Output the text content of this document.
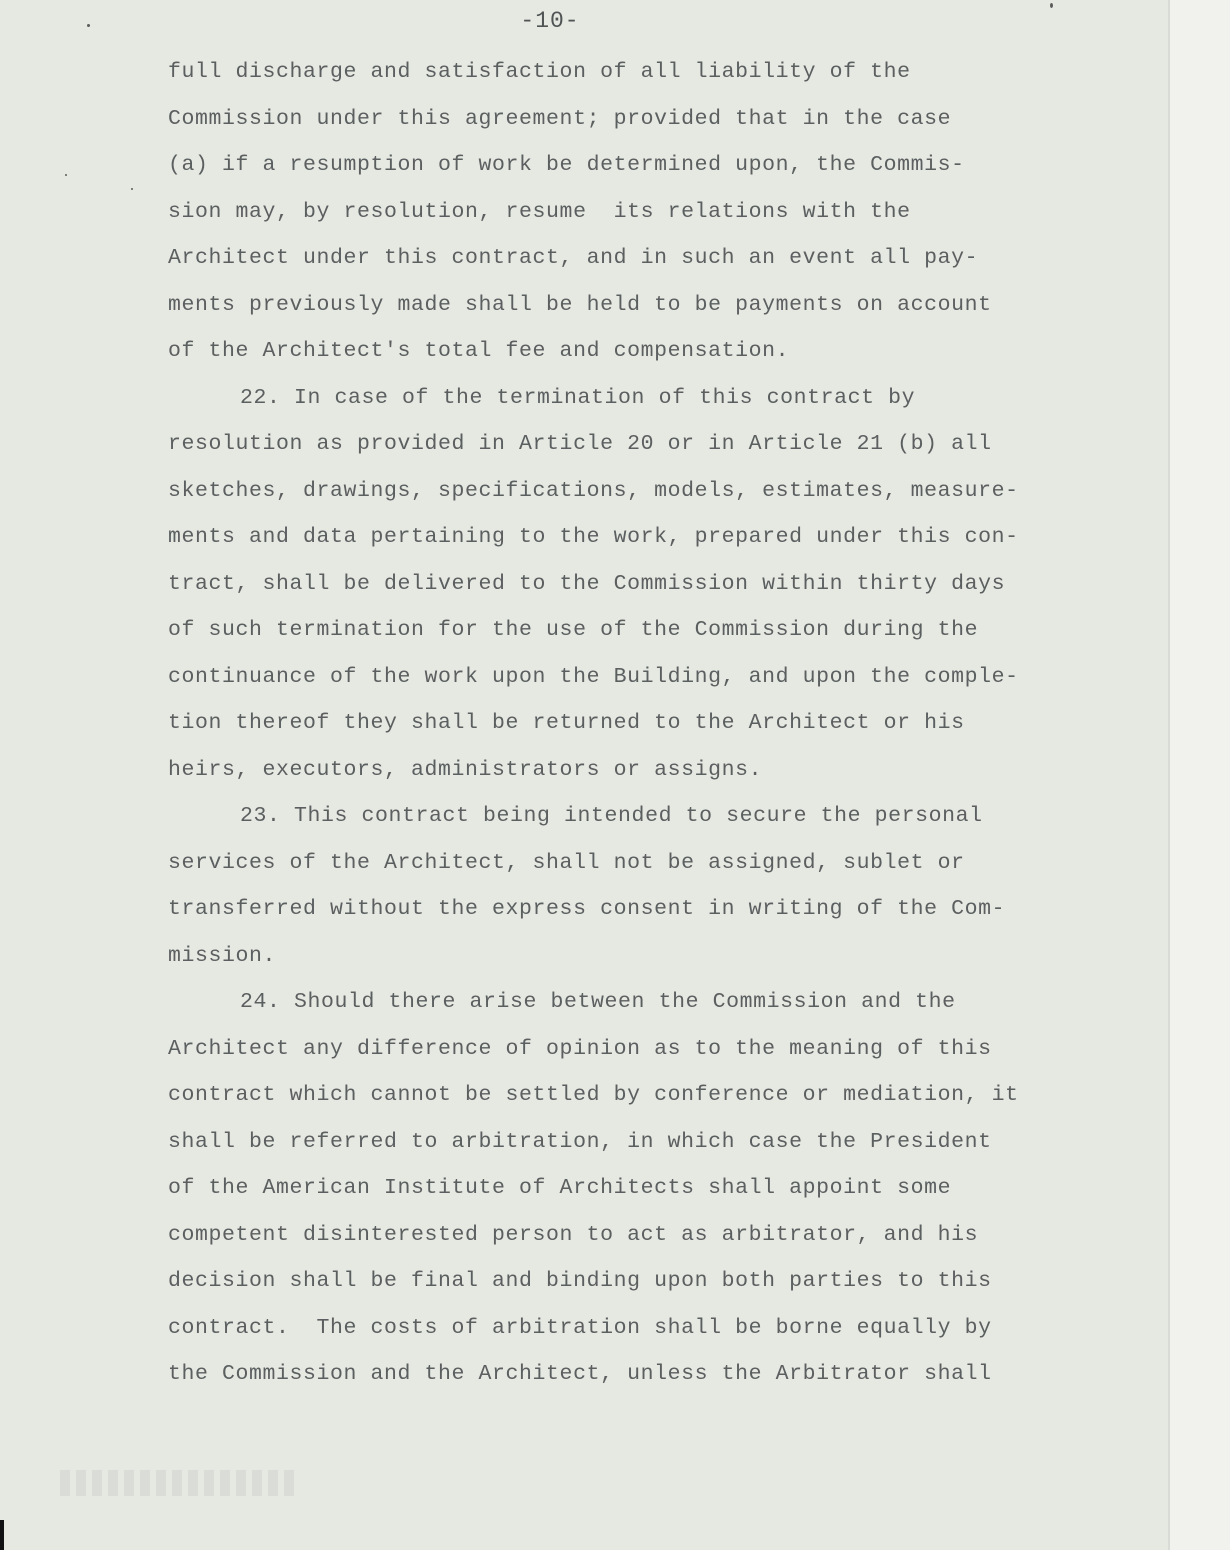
-10-
full discharge and satisfaction of all liability of the
Commission under this agreement; provided that in the case
(a) if a resumption of work be determined upon, the Commis-
sion may, by resolution, resume  its relations with the
Architect under this contract, and in such an event all pay-
ments previously made shall be held to be payments on account
of the Architect's total fee and compensation.
22. In case of the termination of this contract by
resolution as provided in Article 20 or in Article 21 (b) all
sketches, drawings, specifications, models, estimates, measure-
ments and data pertaining to the work, prepared under this con-
tract, shall be delivered to the Commission within thirty days
of such termination for the use of the Commission during the
continuance of the work upon the Building, and upon the comple-
tion thereof they shall be returned to the Architect or his
heirs, executors, administrators or assigns.
23. This contract being intended to secure the personal
services of the Architect, shall not be assigned, sublet or
transferred without the express consent in writing of the Com-
mission.
24. Should there arise between the Commission and the
Architect any difference of opinion as to the meaning of this
contract which cannot be settled by conference or mediation, it
shall be referred to arbitration, in which case the President
of the American Institute of Architects shall appoint some
competent disinterested person to act as arbitrator, and his
decision shall be final and binding upon both parties to this
contract.  The costs of arbitration shall be borne equally by
the Commission and the Architect, unless the Arbitrator shall
